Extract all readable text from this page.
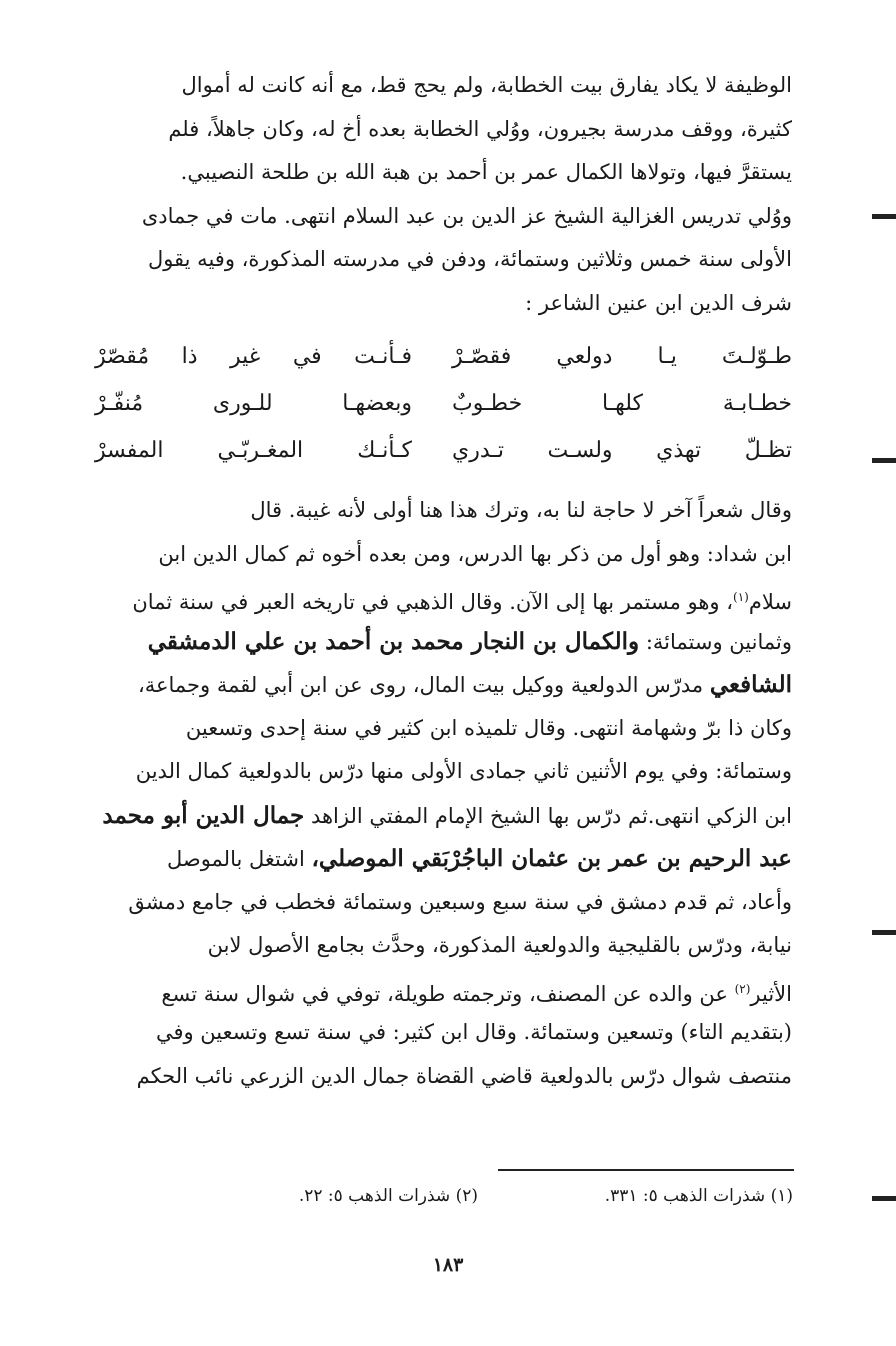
الوظيفة لا يكاد يفارق بيت الخطابة، ولم يحج قط، مع أنه كانت له أموال
كثيرة، ووقف مدرسة بجيرون، ووُلي الخطابة بعده أخ له، وكان جاهلاً، فلم
يستقرَّ فيها، وتولاها الكمال عمر بن أحمد بن هبة الله بن طلحة النصيبي.
ووُلي تدريس الغزالية الشيخ عز الدين بن عبد السلام انتهى. مات في جمادى
الأولى سنة خمس وثلاثين وستمائة، ودفن في مدرسته المذكورة، وفيه يقول
شرف الدين ابن عنين الشاعر :
طـوّلـتَ يـا دولعي فقصّـرْ
فـأنـت في غير ذا مُقصّرْ
خطـابـة كلهـا خطـوبٌ
وبعضهـا للـورى مُنفّـرْ
تظـلّ تهذي ولسـت تـدري
كـأنـك المغـربّـي المفسرْ
وقال شعراً آخر لا حاجة لنا به، وترك هذا هنا أولى لأنه غيبة. قال
ابن شداد: وهو أول من ذكر بها الدرس، ومن بعده أخوه ثم كمال الدين ابن
سلام$^{(١)}$، وهو مستمر بها إلى الآن. وقال الذهبي في تاريخه العبر في سنة ثمان
وثمانين وستمائة: والكمال بن النجار محمد بن أحمد بن علي الدمشقي
الشافعي مدرّس الدولعية ووكيل بيت المال، روى عن ابن أبي لقمة وجماعة،
وكان ذا برّ وشهامة انتهى. وقال تلميذه ابن كثير في سنة إحدى وتسعين
وستمائة: وفي يوم الأثنين ثاني جمادى الأولى منها درّس بالدولعية كمال الدين
ابن الزكي انتهى.ثم درّس بها الشيخ الإمام المفتي الزاهد جمال الدين أبو محمد
عبد الرحيم بن عمر بن عثمان الباجُرْبَقي الموصلي، اشتغل بالموصل
وأعاد، ثم قدم دمشق في سنة سبع وسبعين وستمائة فخطب في جامع دمشق
نيابة، ودرّس بالقليجية والدولعية المذكورة، وحدَّث بجامع الأصول لابن
الأثير$^{(٢)}$ عن والده عن المصنف، وترجمته طويلة، توفي في شوال سنة تسع
(بتقديم التاء) وتسعين وستمائة. وقال ابن كثير: في سنة تسع وتسعين وفي
منتصف شوال درّس بالدولعية قاضي القضاة جمال الدين الزرعي نائب الحكم
(١) شذرات الذهب ٥: ٣٣١.
(٢) شذرات الذهب ٥: ٢٢.
١٨٣
